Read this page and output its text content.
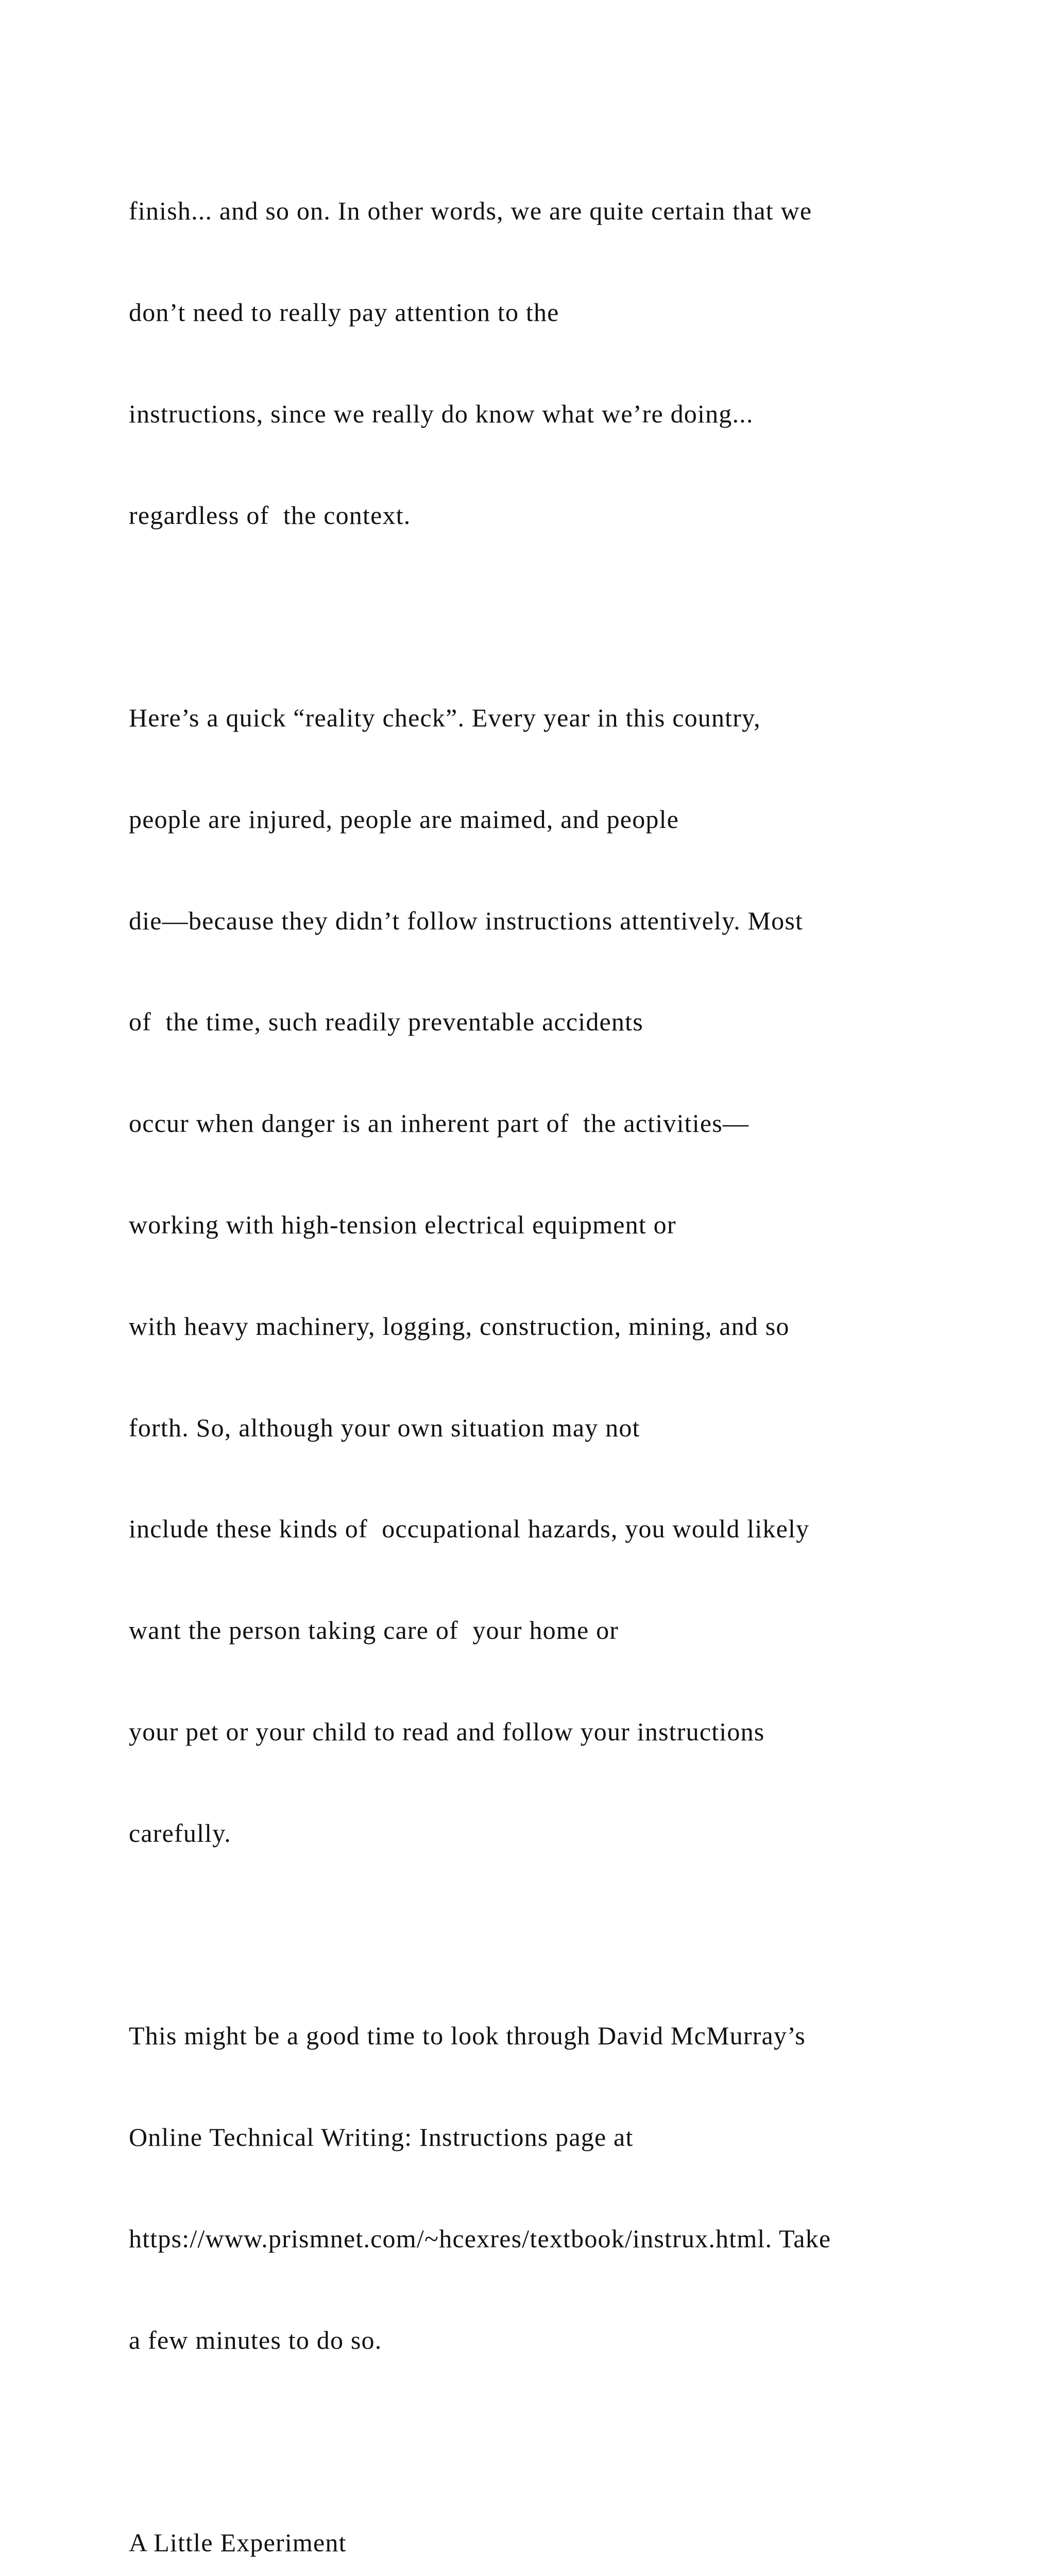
finish... and so on. In other words, we are quite certain that we

don’t need to really pay attention to the

instructions, since we really do know what we’re doing...

regardless of  the context.

Here’s a quick “reality check”. Every year in this country,

people are injured, people are maimed, and people

die—because they didn’t follow instructions attentively. Most

of  the time, such readily preventable accidents

occur when danger is an inherent part of  the activities—

working with high-tension electrical equipment or

with heavy machinery, logging, construction, mining, and so

forth. So, although your own situation may not

include these kinds of  occupational hazards, you would likely

want the person taking care of  your home or

your pet or your child to read and follow your instructions

carefully.

This might be a good time to look through David McMurray’s

Online Technical Writing: Instructions page at

https://www.prismnet.com/~hcexres/textbook/instrux.html. Take

a few minutes to do so.

A Little Experiment
